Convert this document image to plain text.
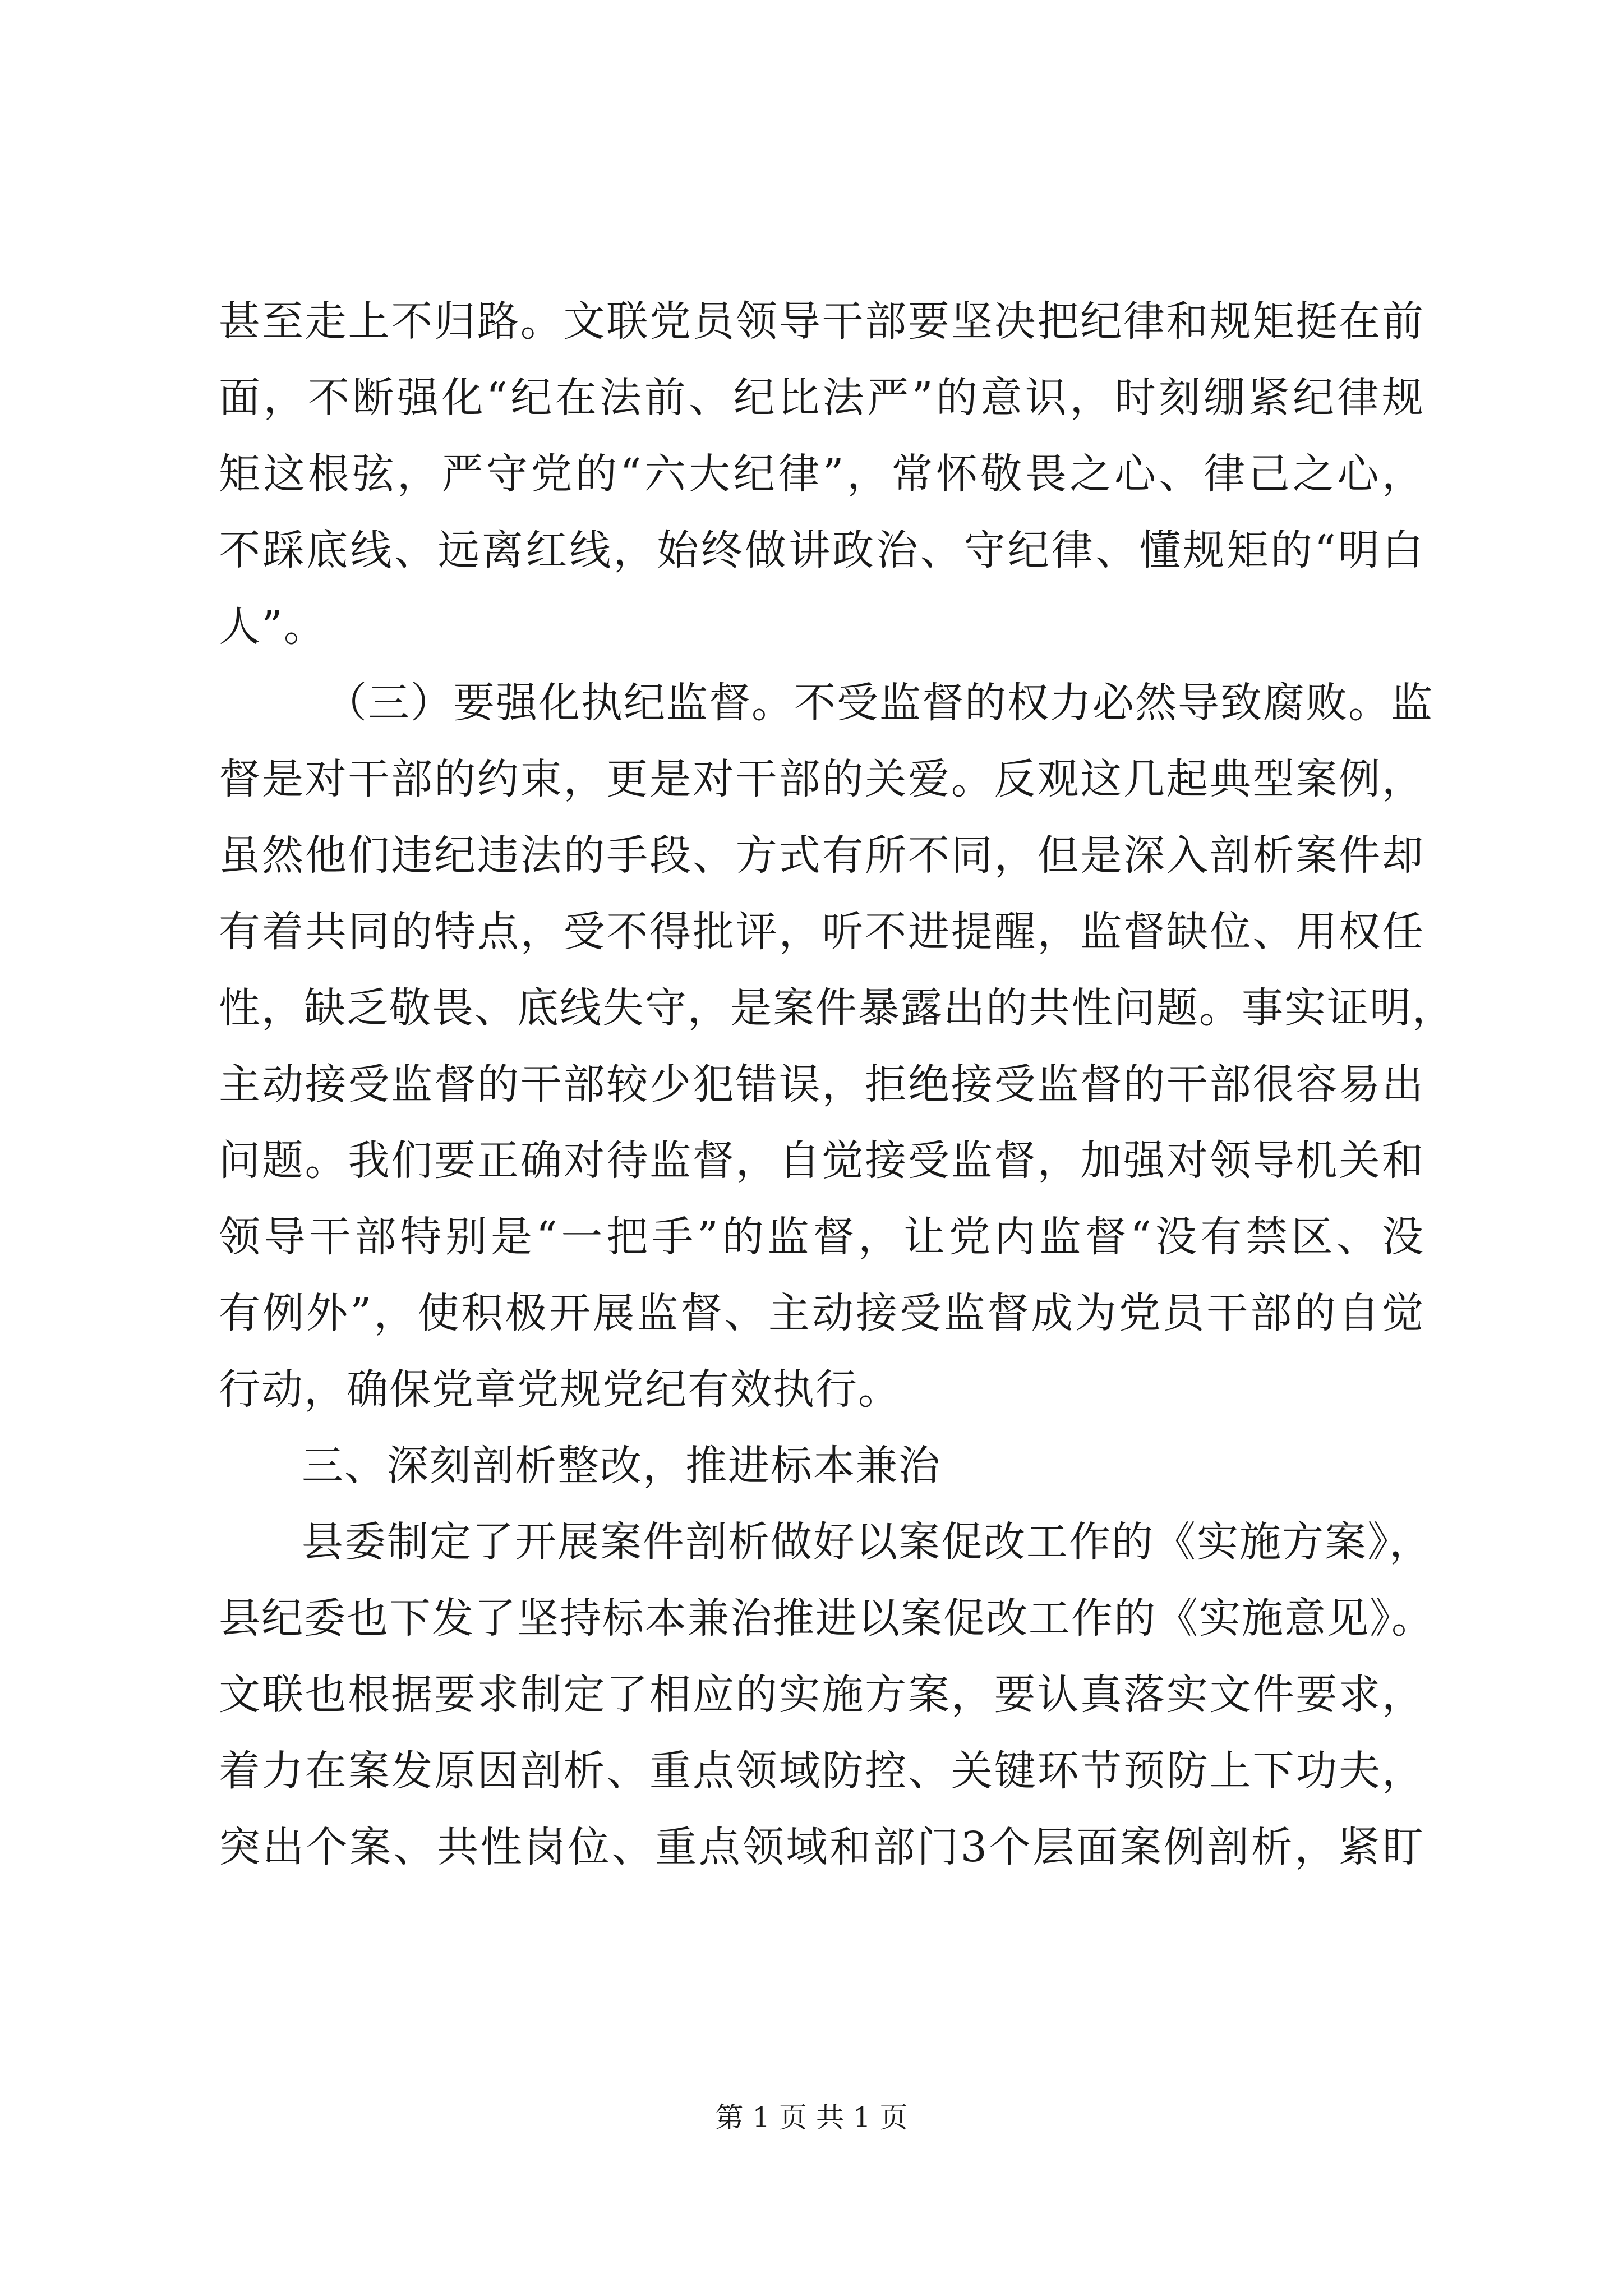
甚至走上不归路。文联党员领导干部要坚决把纪律和规矩挺在前
面，不断强化“纪在法前、纪比法严”的意识，时刻绷紧纪律规
矩这根弦，严守党的“六大纪律”，常怀敬畏之心、律己之心，
不踩底线、远离红线，始终做讲政治、守纪律、懂规矩的“明白
人”。
（三）要强化执纪监督。不受监督的权力必然导致腐败。监
督是对干部的约束，更是对干部的关爱。反观这几起典型案例，
虽然他们违纪违法的手段、方式有所不同，但是深入剖析案件却
有着共同的特点，受不得批评，听不进提醒，监督缺位、用权任
性，缺乏敬畏、底线失守，是案件暴露出的共性问题。事实证明，
主动接受监督的干部较少犯错误，拒绝接受监督的干部很容易出
问题。我们要正确对待监督，自觉接受监督，加强对领导机关和
领导干部特别是“一把手”的监督，让党内监督“没有禁区、没
有例外”，使积极开展监督、主动接受监督成为党员干部的自觉
行动，确保党章党规党纪有效执行。
三、深刻剖析整改，推进标本兼治
县委制定了开展案件剖析做好以案促改工作的《实施方案》，
县纪委也下发了坚持标本兼治推进以案促改工作的《实施意见》。
文联也根据要求制定了相应的实施方案，要认真落实文件要求，
着力在案发原因剖析、重点领域防控、关键环节预防上下功夫，
突出个案、共性岗位、重点领域和部门3个层面案例剖析，紧盯
第 1 页 共 1 页
